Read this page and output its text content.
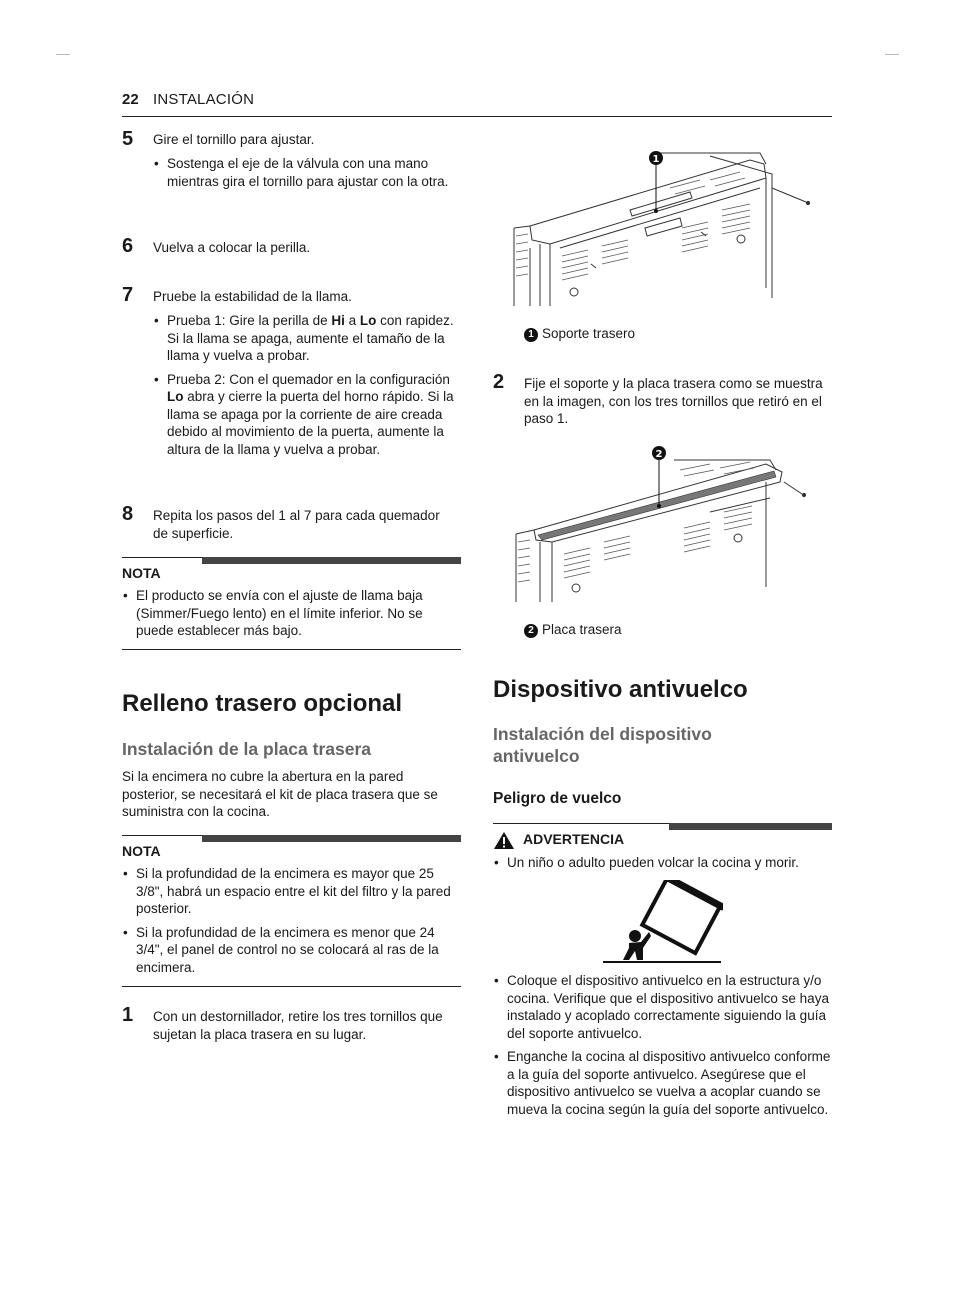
22 INSTALACIÓN
5 Gire el tornillo para ajustar.
• Sostenga el eje de la válvula con una mano mientras gira el tornillo para ajustar con la otra.
6 Vuelva a colocar la perilla.
7 Pruebe la estabilidad de la llama.
• Prueba 1: Gire la perilla de Hi a Lo con rapidez. Si la llama se apaga, aumente el tamaño de la llama y vuelva a probar.
• Prueba 2: Con el quemador en la configuración Lo abra y cierre la puerta del horno rápido. Si la llama se apaga por la corriente de aire creada debido al movimiento de la puerta, aumente la altura de la llama y vuelva a probar.
8 Repita los pasos del 1 al 7 para cada quemador de superficie.
NOTA
• El producto se envía con el ajuste de llama baja (Simmer/Fuego lento) en el límite inferior. No se puede establecer más bajo.
Relleno trasero opcional
Instalación de la placa trasera
Si la encimera no cubre la abertura en la pared posterior, se necesitará el kit de placa trasera que se suministra con la cocina.
NOTA
• Si la profundidad de la encimera es mayor que 25 3/8", habrá un espacio entre el kit del filtro y la pared posterior.
• Si la profundidad de la encimera es menor que 24 3/4", el panel de control no se colocará al ras de la encimera.
1 Con un destornillador, retire los tres tornillos que sujetan la placa trasera en su lugar.
1
1 Soporte trasero
2 Fije el soporte y la placa trasera como se muestra en la imagen, con los tres tornillos que retiró en el paso 1.
2
2 Placa trasera
Dispositivo antivuelco
Instalación del dispositivo antivuelco
Peligro de vuelco
ADVERTENCIA
• Un niño o adulto pueden volcar la cocina y morir.
• Coloque el dispositivo antivuelco en la estructura y/o cocina. Verifique que el dispositivo antivuelco se haya instalado y acoplado correctamente siguiendo la guía del soporte antivuelco.
• Enganche la cocina al dispositivo antivuelco conforme a la guía del soporte antivuelco. Asegúrese que el dispositivo antivuelco se vuelva a acoplar cuando se mueva la cocina según la guía del soporte antivuelco.
